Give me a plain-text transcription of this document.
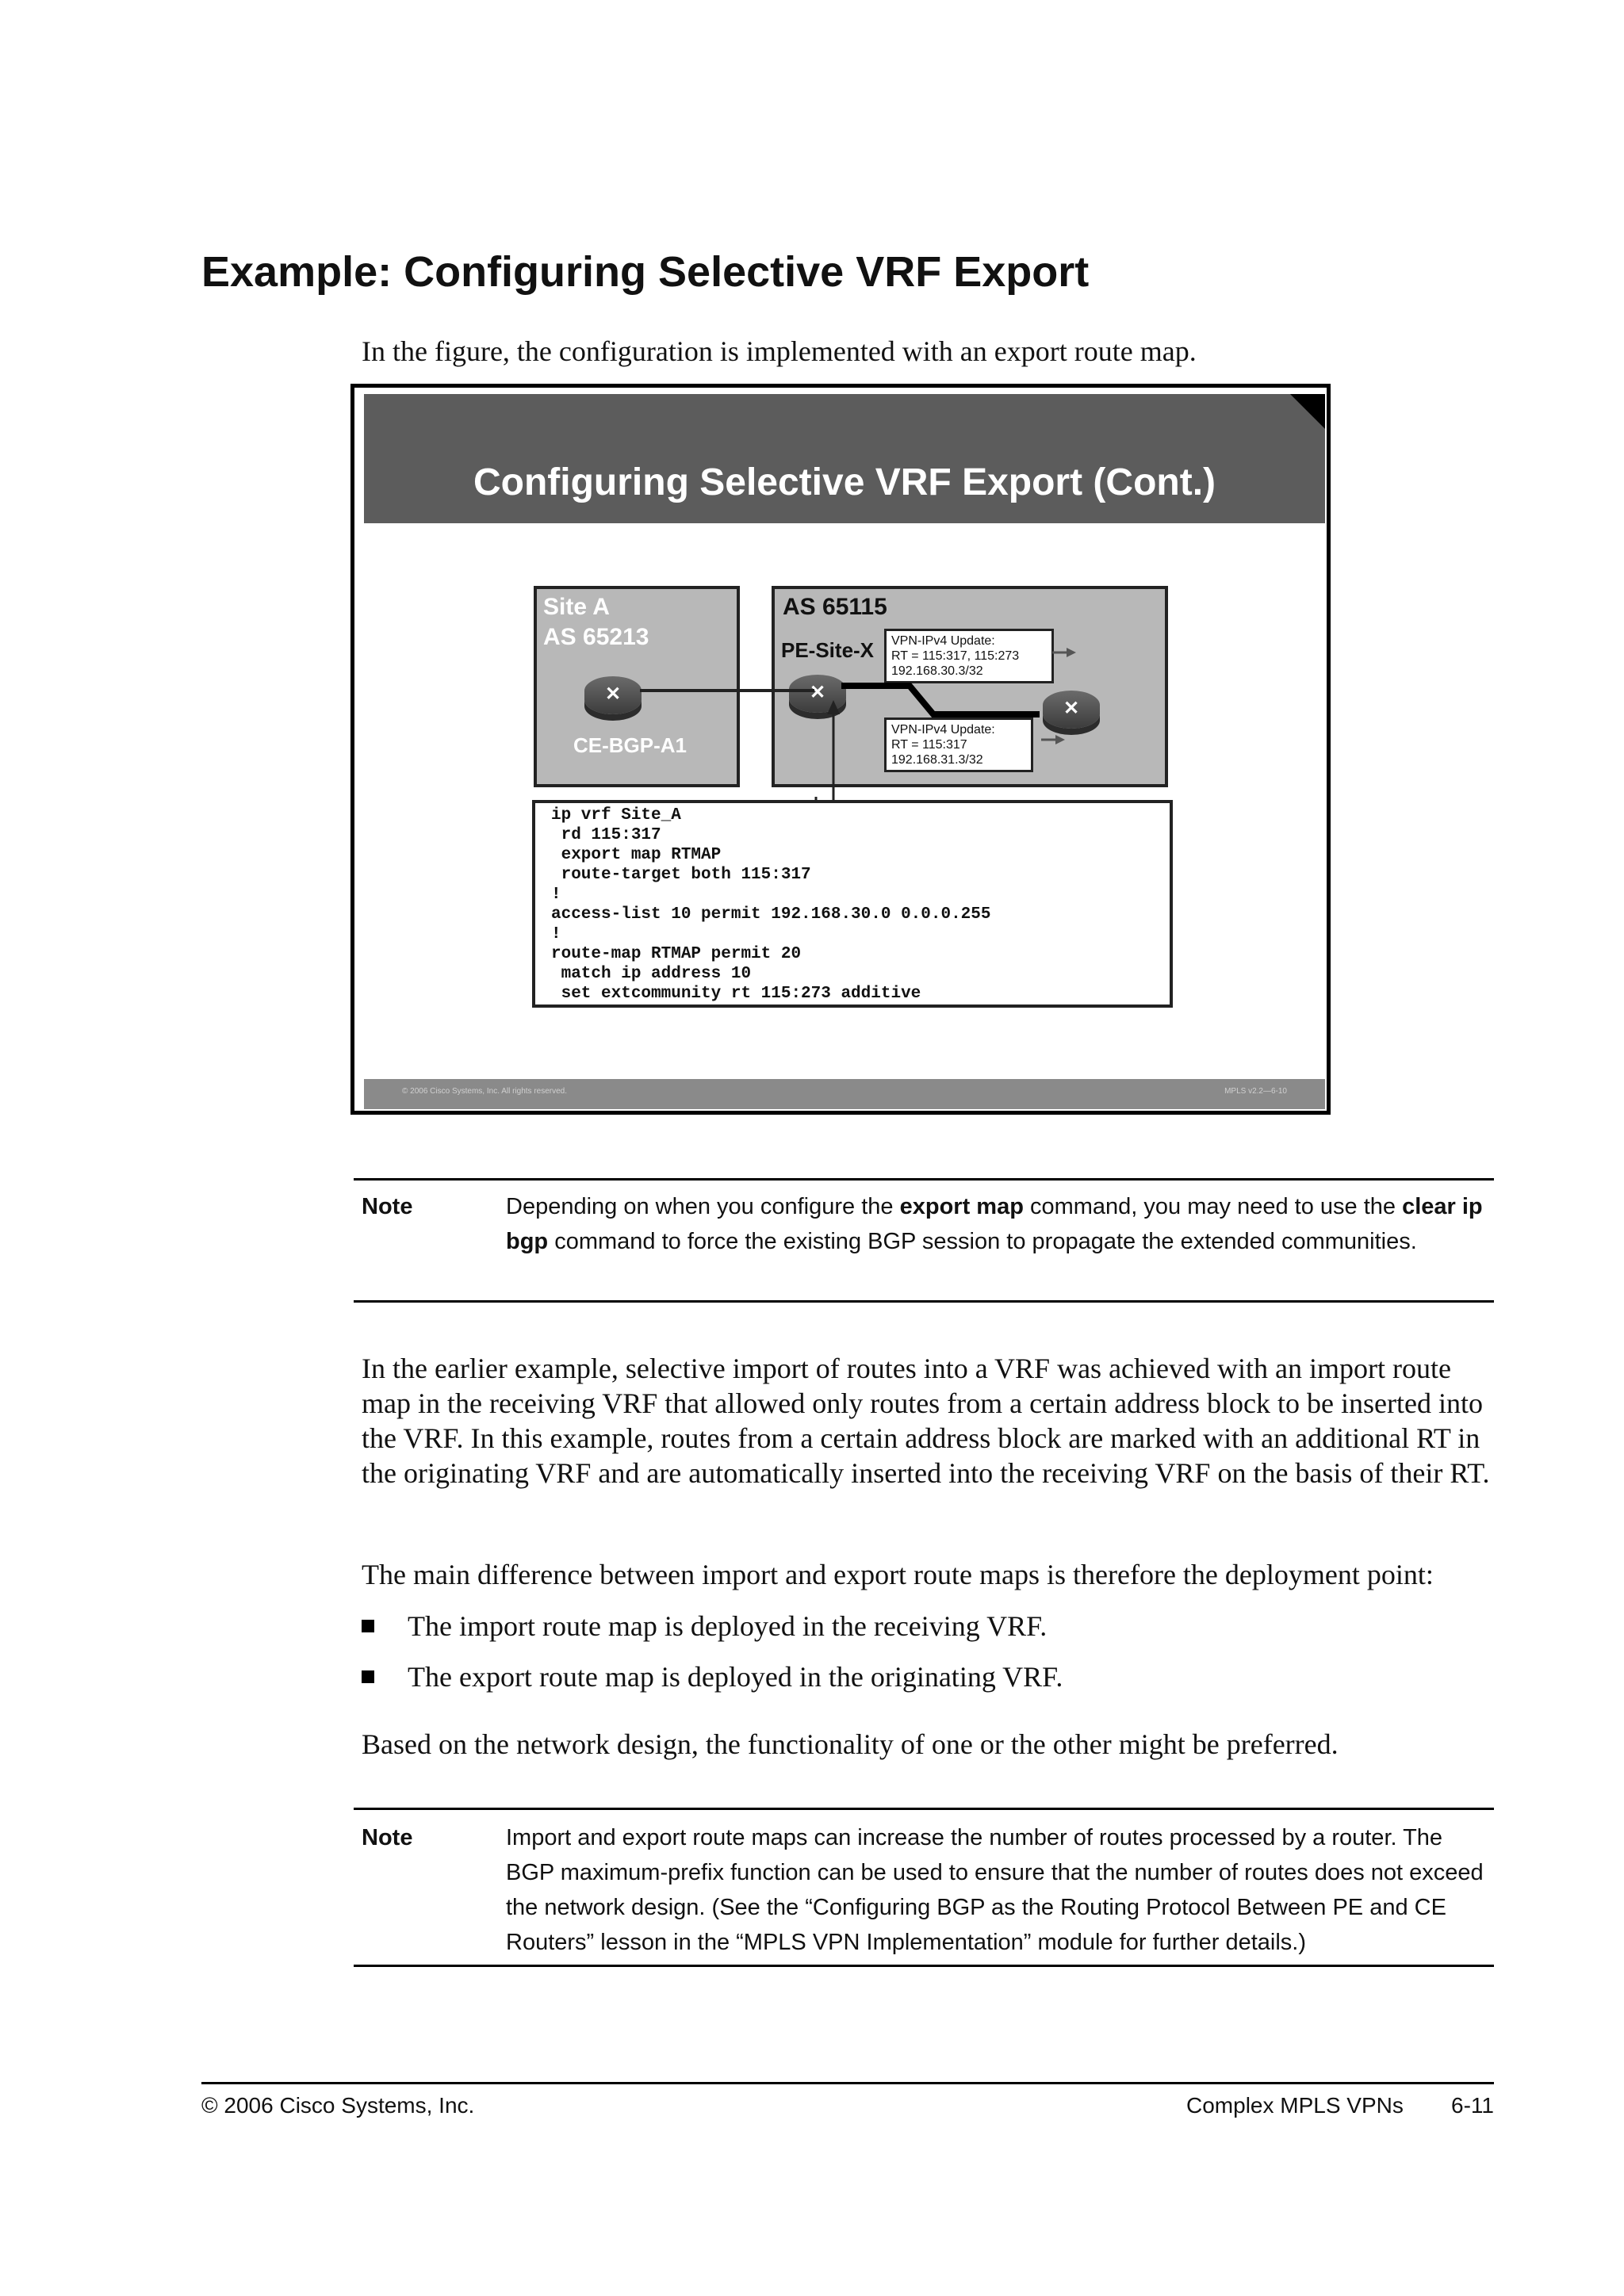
Example: Configuring Selective VRF Export
In the figure, the configuration is implemented with an export route map.
Configuring Selective VRF Export (Cont.)
Site A
AS 65213
✕
CE-BGP-A1
AS 65115
PE-Site-X
✕
✕
VPN-IPv4 Update:
RT = 115:317, 115:273
192.168.30.3/32
VPN-IPv4 Update:
RT = 115:317
192.168.31.3/32
ip vrf Site_A
rd 115:317
export map RTMAP
route-target both 115:317
!
access-list 10 permit 192.168.30.0 0.0.0.255
!
route-map RTMAP permit 20
match ip address 10
set extcommunity rt 115:273 additive
© 2006 Cisco Systems, Inc. All rights reserved.	MPLS v2.2—6-10
Note	Depending on when you configure the export map command, you may need to use the clear ip bgp command to force the existing BGP session to propagate the extended communities.
In the earlier example, selective import of routes into a VRF was achieved with an import route map in the receiving VRF that allowed only routes from a certain address block to be inserted into the VRF. In this example, routes from a certain address block are marked with an additional RT in the originating VRF and are automatically inserted into the receiving VRF on the basis of their RT.
The main difference between import and export route maps is therefore the deployment point:
The import route map is deployed in the receiving VRF.
The export route map is deployed in the originating VRF.
Based on the network design, the functionality of one or the other might be preferred.
Note	Import and export route maps can increase the number of routes processed by a router. The BGP maximum-prefix function can be used to ensure that the number of routes does not exceed the network design. (See the “Configuring BGP as the Routing Protocol Between PE and CE Routers” lesson in the “MPLS VPN Implementation” module for further details.)
© 2006 Cisco Systems, Inc.	Complex MPLS VPNs 6-11
